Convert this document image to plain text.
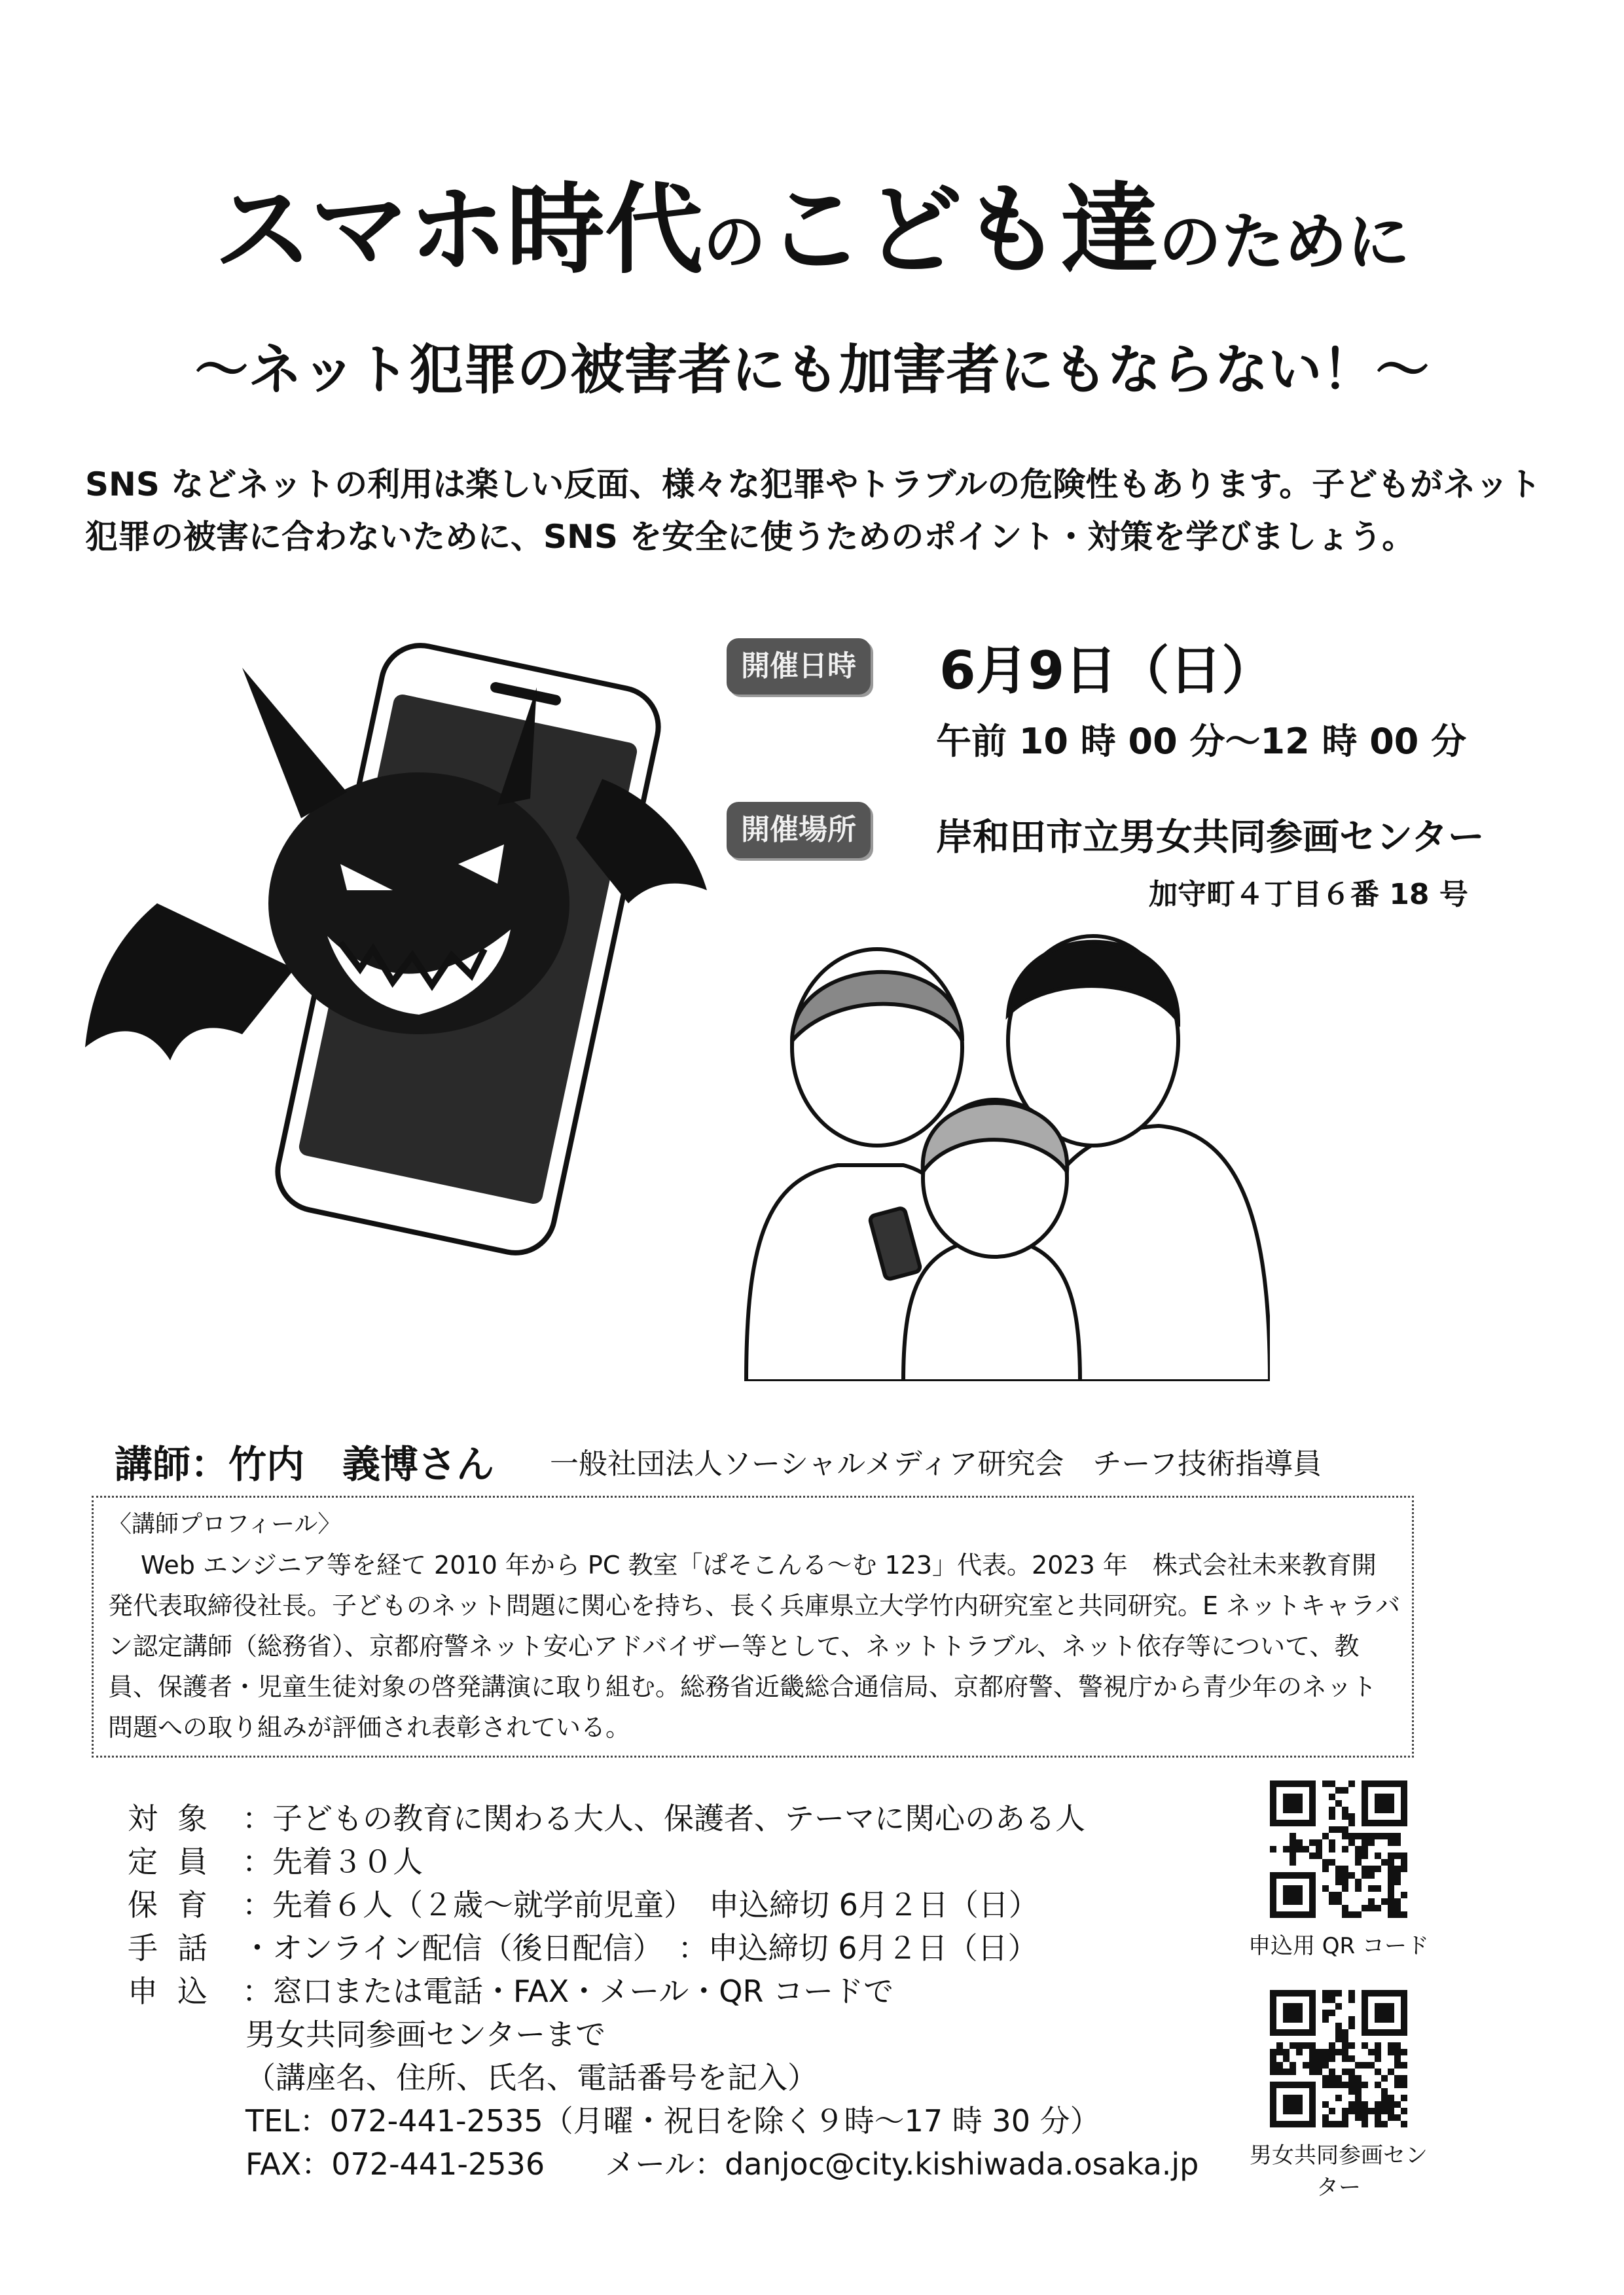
スマホ時代のこども達のために
～ネット犯罪の被害者にも加害者にもならない！～
SNS などネットの利用は楽しい反面、様々な犯罪やトラブルの危険性もあります。子どもがネット犯罪の被害に合わないために、SNS を安全に使うためのポイント・対策を学びましょう。
開催日時 6月9日（日）
午前 10 時 00 分～12 時 00 分
開催場所	岸和田市立男女共同参画センター
加守町４丁目６番 18 号
講師：竹内　義博さん 一般社団法人ソーシャルメディア研究会　チーフ技術指導員
〈講師プロフィール〉
Web エンジニア等を経て 2010 年から PC 教室「ぱそこんる～む 123」代表。2023 年　株式会社未来教育開発代表取締役社長。子どものネット問題に関心を持ち、長く兵庫県立大学竹内研究室と共同研究。E ネットキャラバン認定講師（総務省）、京都府警ネット安心アドバイザー等として、ネットトラブル、ネット依存等について、教員、保護者・児童生徒対象の啓発講演に取り組む。総務省近畿総合通信局、京都府警、警視庁から青少年のネット問題への取り組みが評価され表彰されている。
対象 ：子どもの教育に関わる大人、保護者、テーマに関心のある人
定員 ：先着３０人
保育 ：先着６人（２歳～就学前児童）　申込締切 6月２日（日）
手話 ・オンライン配信（後日配信）　：申込締切 6月２日（日）
申込 ：窓口または電話・FAX・メール・QR コードで
男女共同参画センターまで
（講座名、住所、氏名、電話番号を記入）
TEL：072-441-2535（月曜・祝日を除く９時～17 時 30 分）
FAX：072-441-2536　　メール：danjoc@city.kishiwada.osaka.jp
申込用 QR コード
男女共同参画センター
